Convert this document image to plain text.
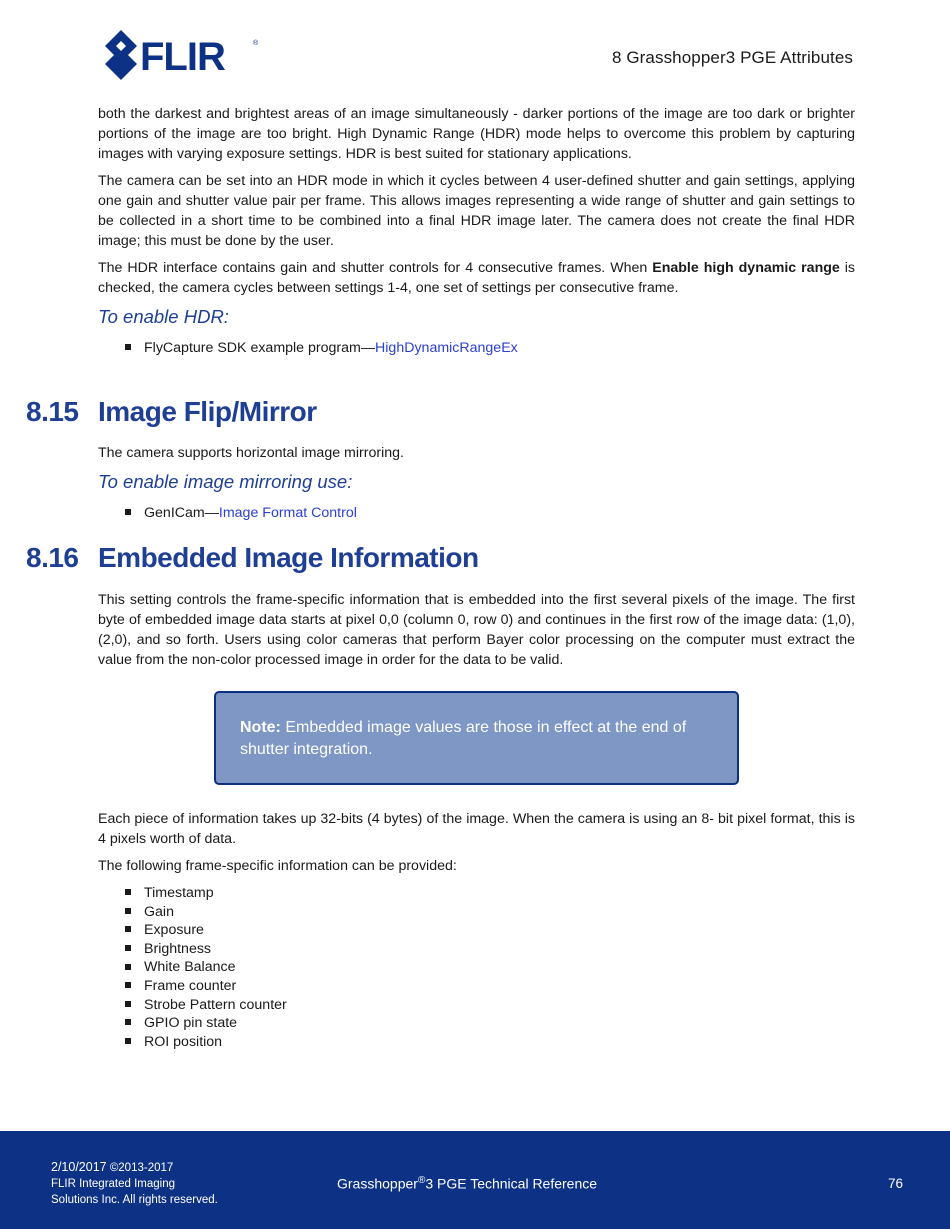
FLIR	®
8 Grasshopper3 PGE Attributes
both the darkest and brightest areas of an image simultaneously - darker portions of the image are too dark or brighter portions of the image are too bright. High Dynamic Range (HDR) mode helps to overcome this problem by capturing images with varying exposure settings. HDR is best suited for stationary applications.
The camera can be set into an HDR mode in which it cycles between 4 user-defined shutter and gain settings, applying one gain and shutter value pair per frame. This allows images representing a wide range of shutter and gain settings to be collected in a short time to be combined into a final HDR image later. The camera does not create the final HDR image; this must be done by the user.
The HDR interface contains gain and shutter controls for 4 consecutive frames. When Enable high dynamic range is checked, the camera cycles between settings 1-4, one set of settings per consecutive frame.
To enable HDR:
FlyCapture SDK example program—HighDynamicRangeEx
8.15 Image Flip/Mirror
The camera supports horizontal image mirroring.
To enable image mirroring use:
GenICam—Image Format Control
8.16 Embedded Image Information
This setting controls the frame-specific information that is embedded into the first several pixels of the image. The first byte of embedded image data starts at pixel 0,0 (column 0, row 0) and continues in the first row of the image data: (1,0), (2,0), and so forth. Users using color cameras that perform Bayer color processing on the computer must extract the value from the non-color processed image in order for the data to be valid.
Note: Embedded image values are those in effect at the end of shutter integration.
Each piece of information takes up 32-bits (4 bytes) of the image. When the camera is using an 8- bit pixel format, this is 4 pixels worth of data.
The following frame-specific information can be provided:
Timestamp
Gain
Exposure
Brightness
White Balance
Frame counter
Strobe Pattern counter
GPIO pin state
ROI position
2/10/2017 ©2013-2017
FLIR Integrated Imaging
Solutions Inc. All rights reserved.
Grasshopper®3 PGE Technical Reference	76
